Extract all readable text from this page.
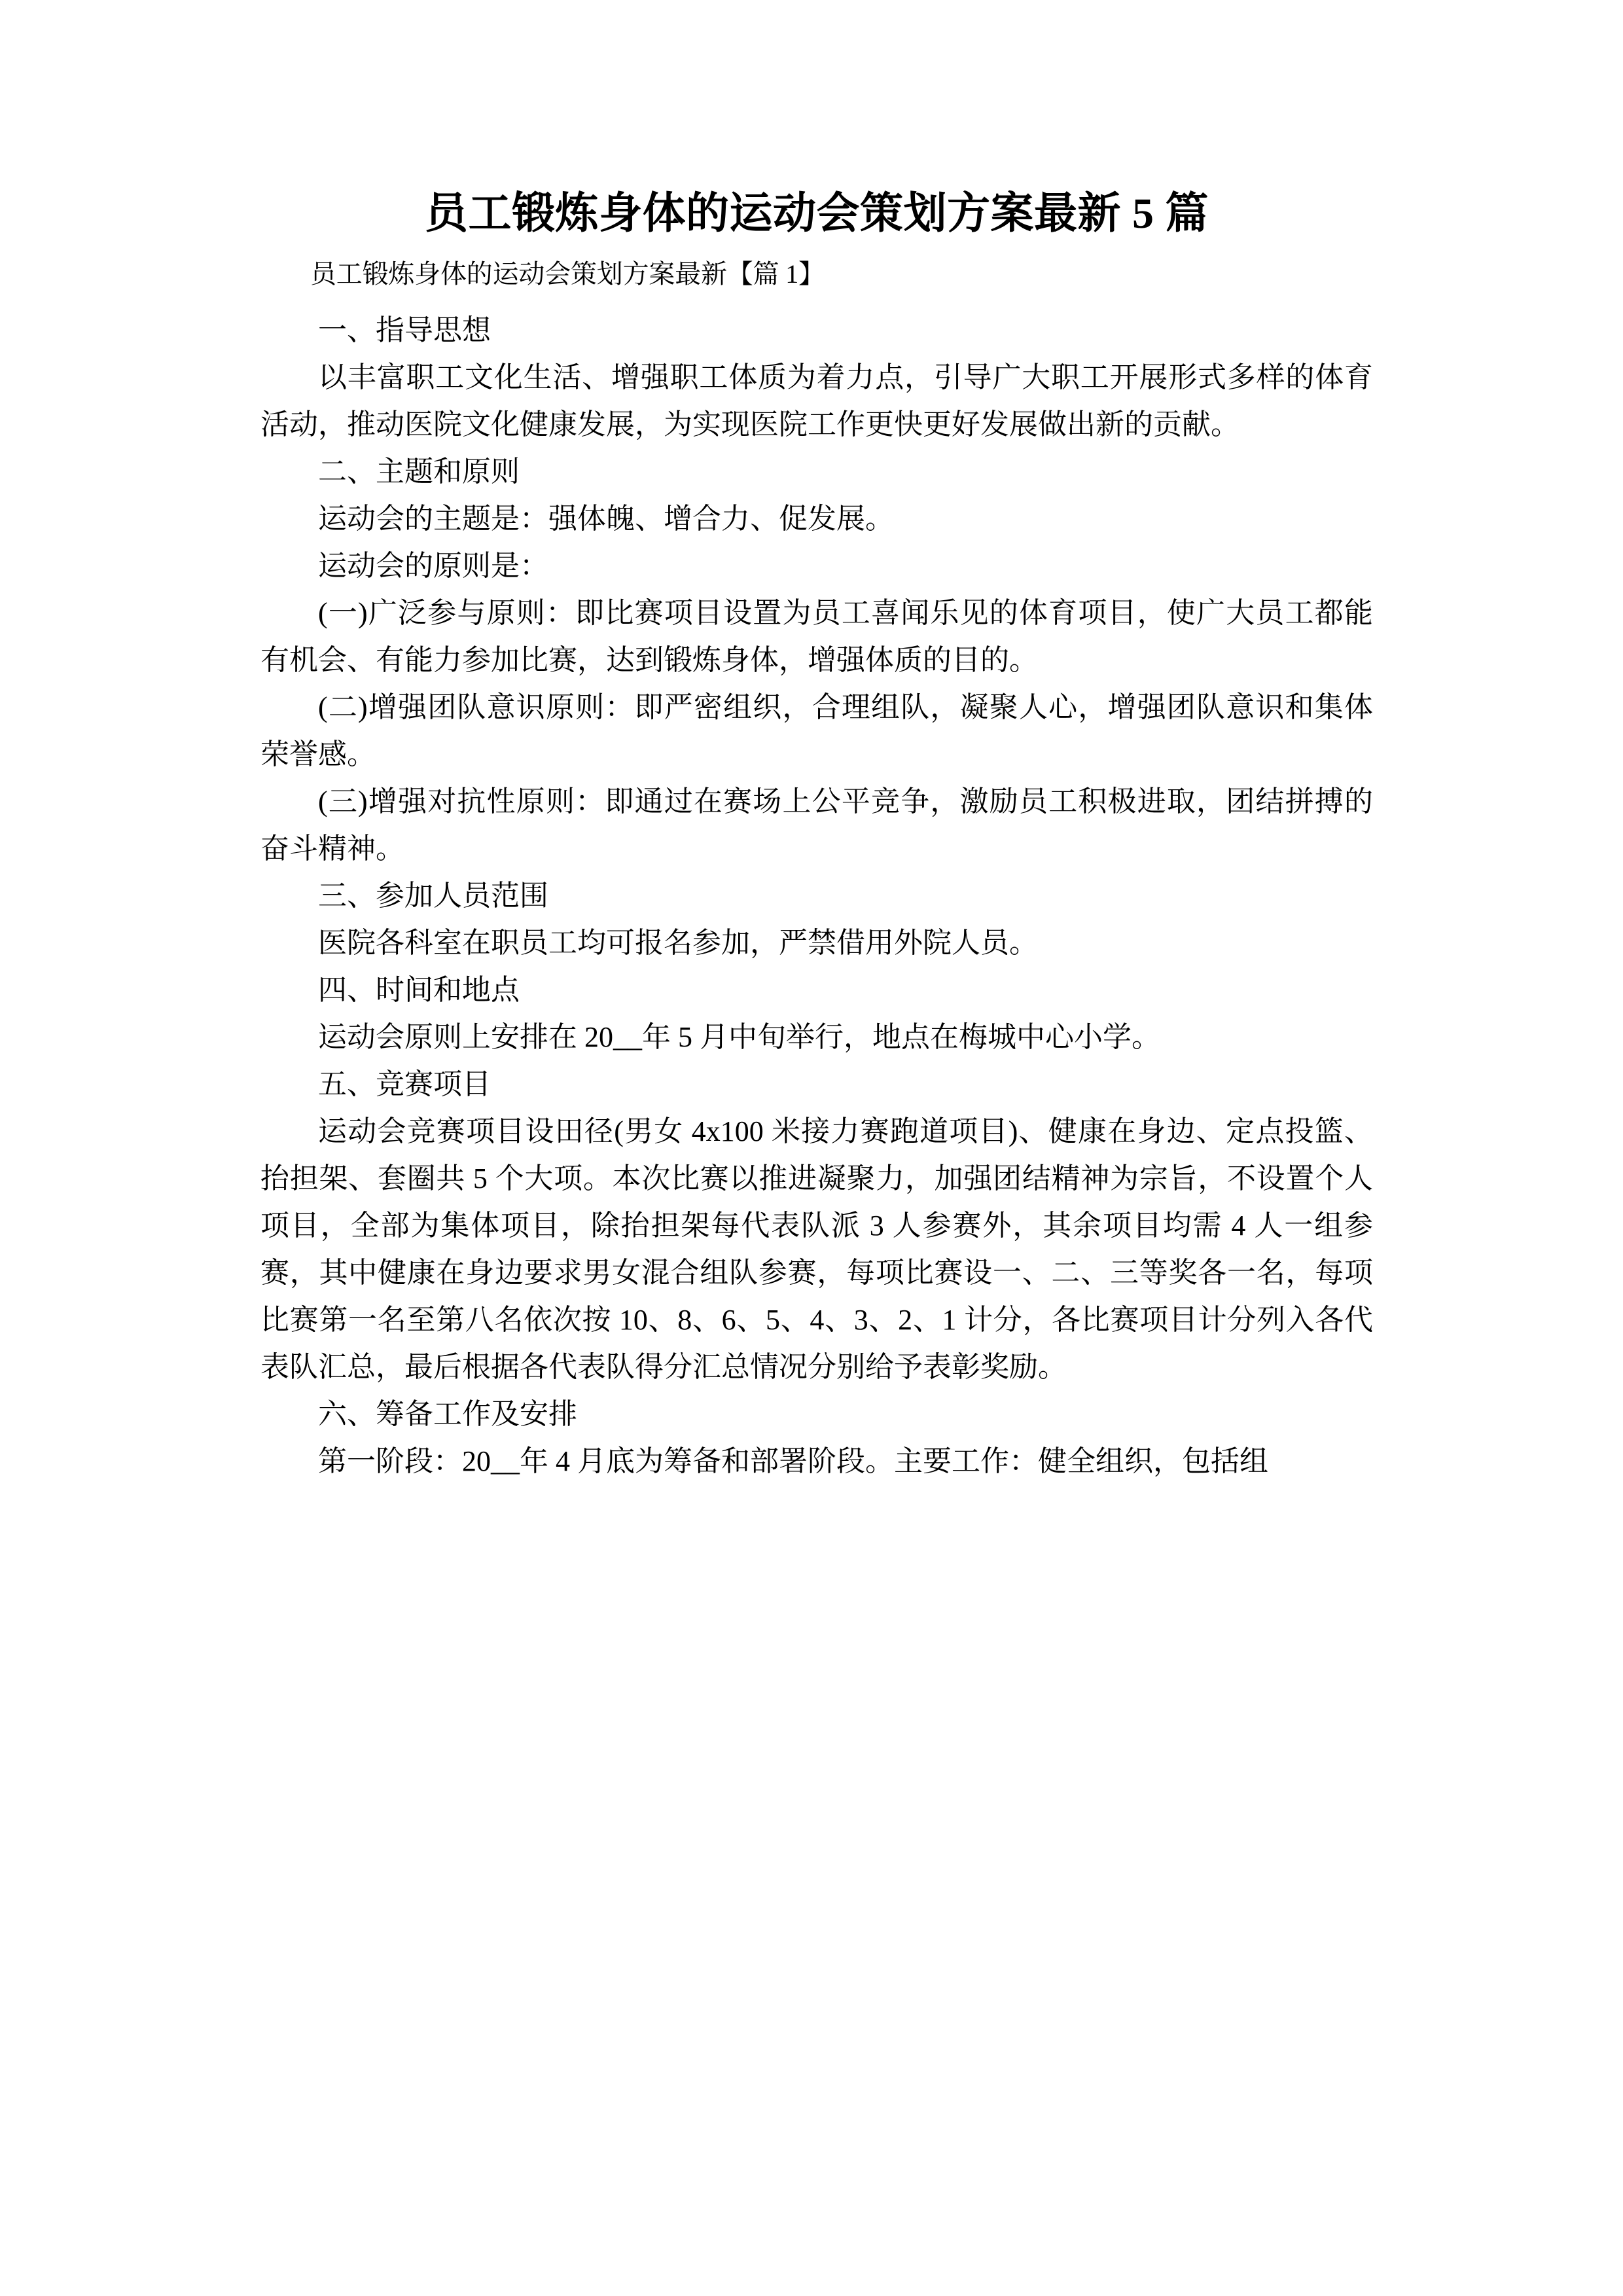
员工锻炼身体的运动会策划方案最新 5 篇
员工锻炼身体的运动会策划方案最新【篇 1】

一、指导思想

以丰富职工文化生活、增强职工体质为着力点，引导广大职工开展形式多样的体育活动，推动医院文化健康发展，为实现医院工作更快更好发展做出新的贡献。

二、主题和原则

运动会的主题是：强体魄、增合力、促发展。

运动会的原则是：

(一)广泛参与原则：即比赛项目设置为员工喜闻乐见的体育项目，使广大员工都能有机会、有能力参加比赛，达到锻炼身体，增强体质的目的。

(二)增强团队意识原则：即严密组织，合理组队，凝聚人心，增强团队意识和集体荣誉感。

(三)增强对抗性原则：即通过在赛场上公平竞争，激励员工积极进取，团结拼搏的奋斗精神。

三、参加人员范围

医院各科室在职员工均可报名参加，严禁借用外院人员。

四、时间和地点

运动会原则上安排在 20__年 5 月中旬举行，地点在梅城中心小学。

五、竞赛项目

运动会竞赛项目设田径(男女 4x100 米接力赛跑道项目)、健康在身边、定点投篮、抬担架、套圈共 5 个大项。本次比赛以推进凝聚力，加强团结精神为宗旨，不设置个人项目，全部为集体项目，除抬担架每代表队派 3 人参赛外，其余项目均需 4 人一组参赛，其中健康在身边要求男女混合组队参赛，每项比赛设一、二、三等奖各一名，每项比赛第一名至第八名依次按 10、8、6、5、4、3、2、1 计分，各比赛项目计分列入各代表队汇总，最后根据各代表队得分汇总情况分别给予表彰奖励。

六、筹备工作及安排

第一阶段：20__年 4 月底为筹备和部署阶段。主要工作：健全组织，包括组
